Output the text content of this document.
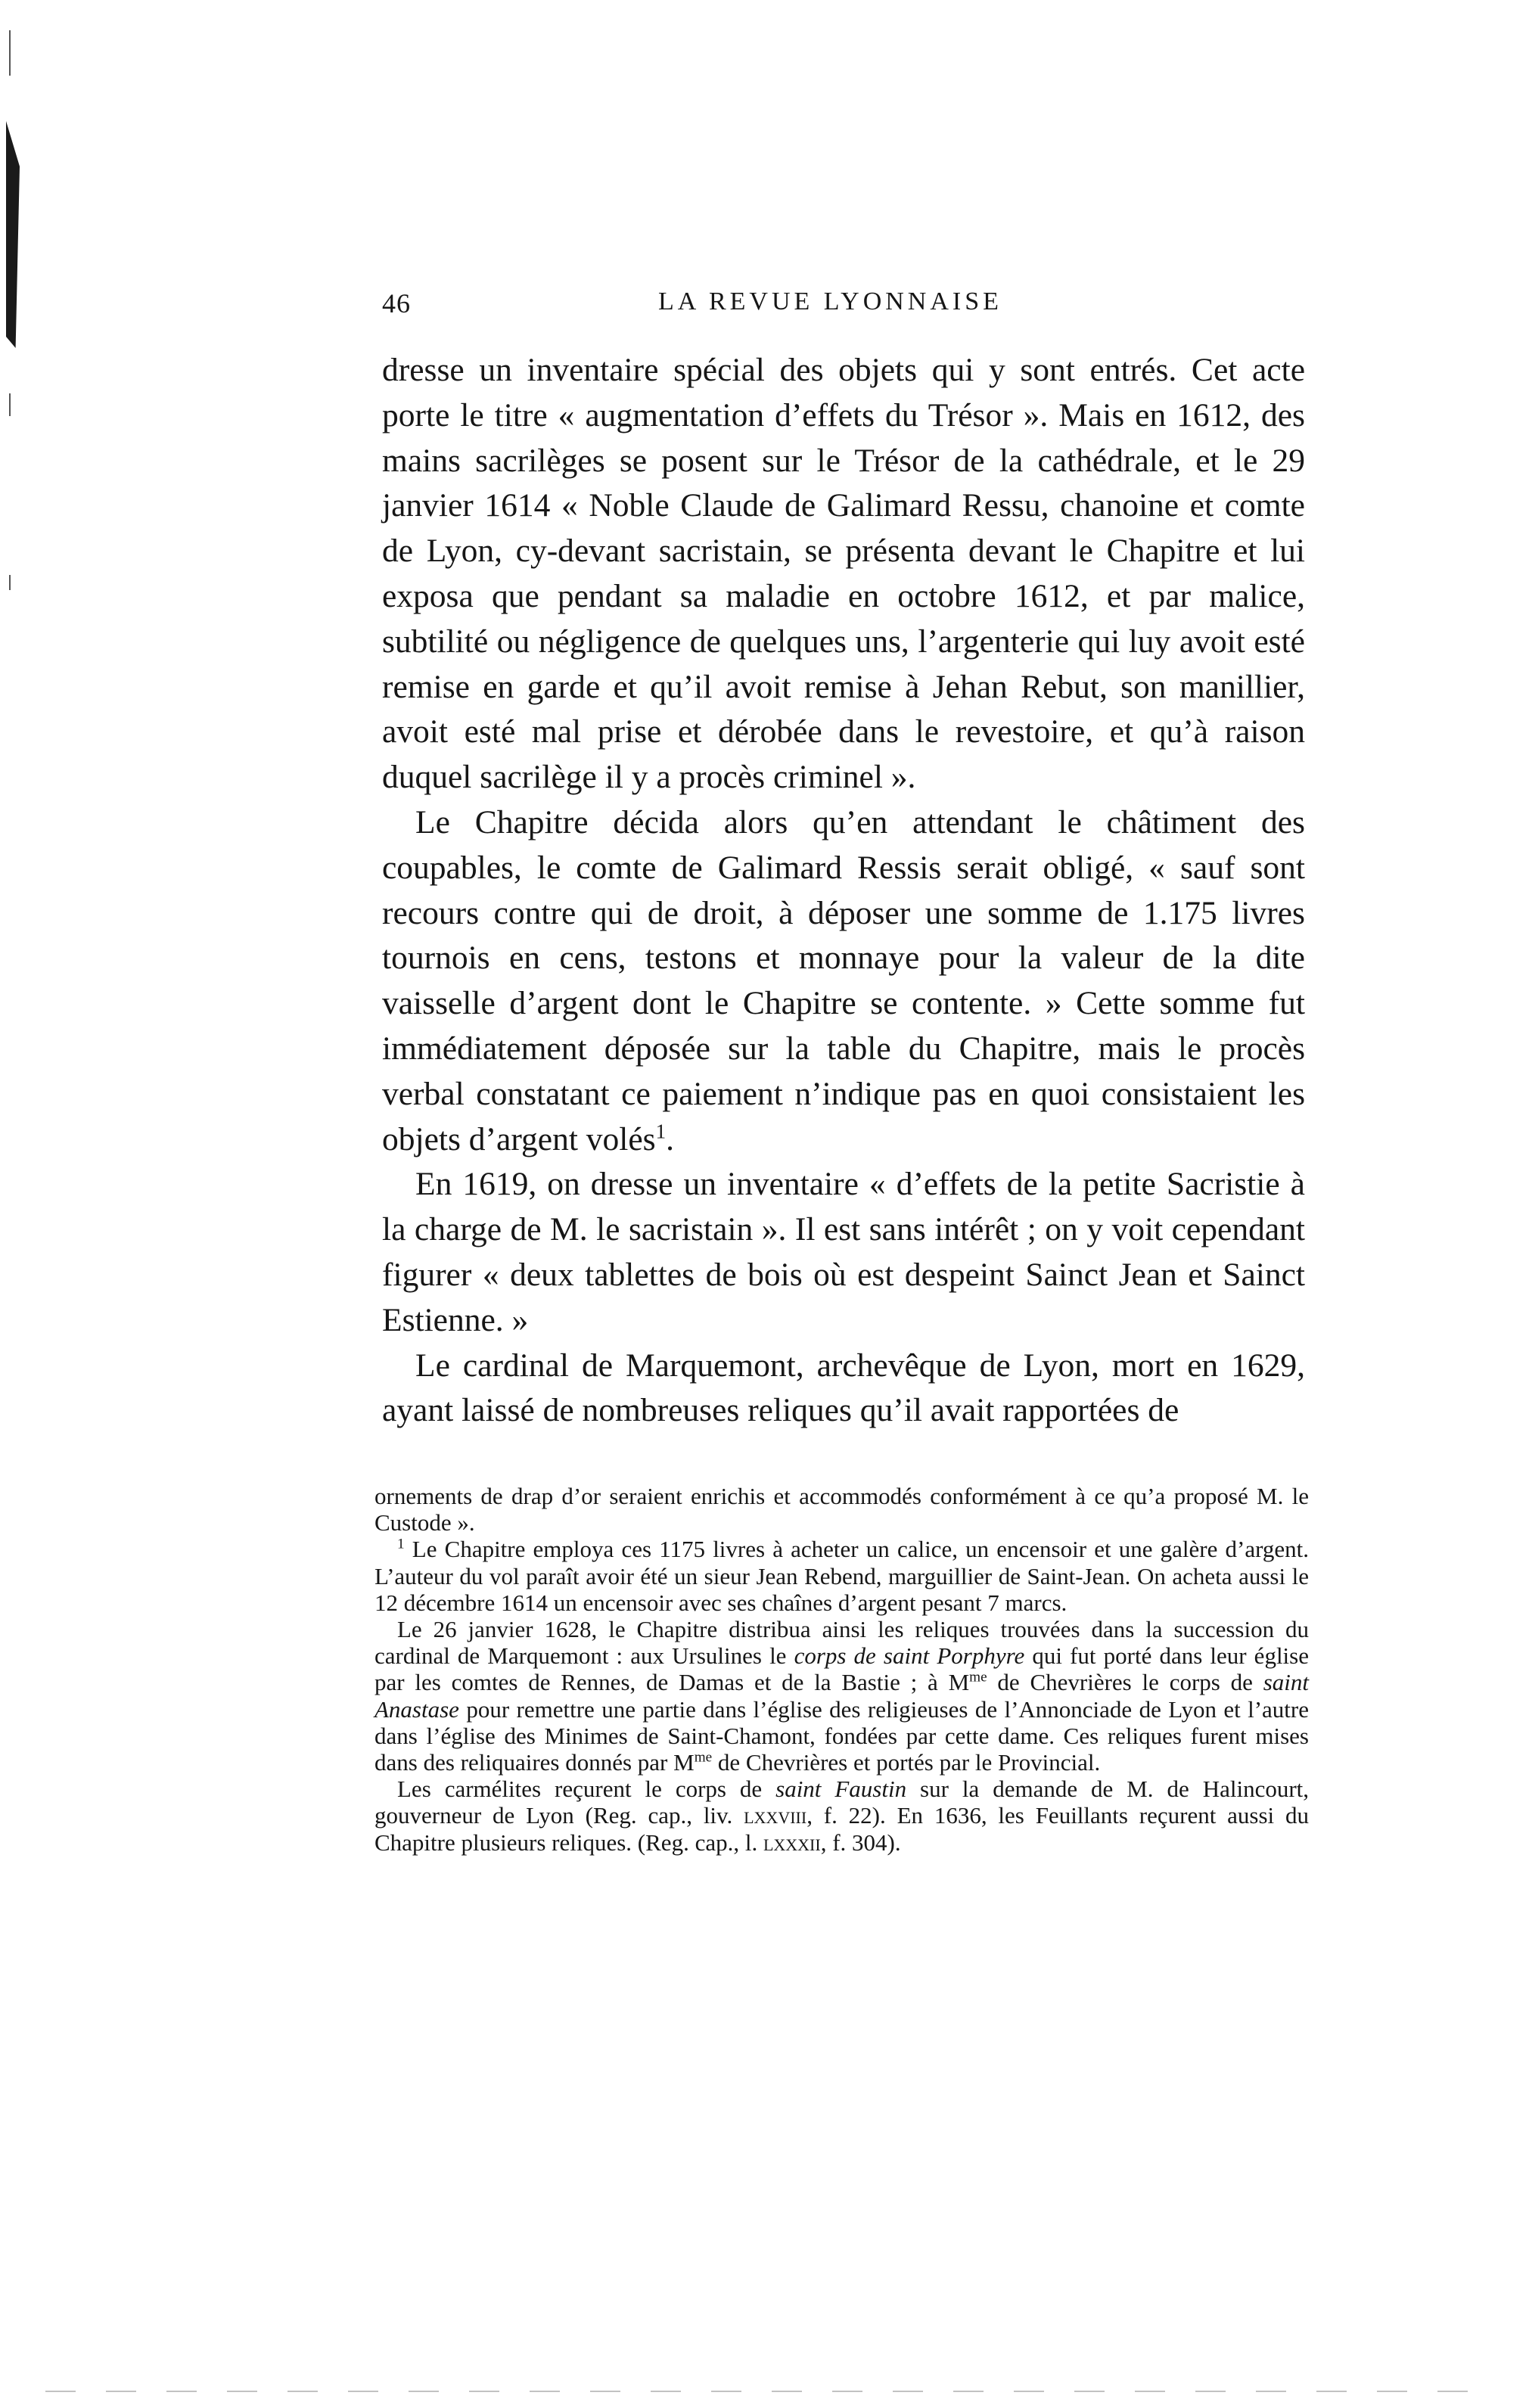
46	LA REVUE LYONNAISE

dresse un inventaire spécial des objets qui y sont entrés. Cet acte porte le titre « augmentation d’effets du Trésor ». Mais en 1612, des mains sacrilèges se posent sur le Trésor de la cathédrale, et le 29 janvier 1614 « Noble Claude de Galimard Ressu, chanoine et comte de Lyon, cy-devant sacristain, se présenta devant le Chapitre et lui exposa que pendant sa maladie en octobre 1612, et par malice, subtilité ou négligence de quelques uns, l’argenterie qui luy avoit esté remise en garde et qu’il avoit remise à Jehan Rebut, son manillier, avoit esté mal prise et dérobée dans le revestoire, et qu’à raison duquel sacrilège il y a procès criminel ».

Le Chapitre décida alors qu’en attendant le châtiment des coupables, le comte de Galimard Ressis serait obligé, « sauf sont recours contre qui de droit, à déposer une somme de 1.175 livres tournois en cens, testons et monnaye pour la valeur de la dite vaisselle d’argent dont le Chapitre se contente. » Cette somme fut immédiatement déposée sur la table du Chapitre, mais le procès verbal constatant ce paiement n’indique pas en quoi consistaient les objets d’argent volés$^1$.

En 1619, on dresse un inventaire « d’effets de la petite Sacristie à la charge de M. le sacristain ». Il est sans intérêt ; on y voit cependant figurer « deux tablettes de bois où est despeint Sainct Jean et Sainct Estienne. »

Le cardinal de Marquemont, archevêque de Lyon, mort en 1629, ayant laissé de nombreuses reliques qu’il avait rapportées de

ornements de drap d’or seraient enrichis et accommodés conformément à ce qu’a proposé M. le Custode ».

$^1$ Le Chapitre employa ces 1175 livres à acheter un calice, un encensoir et une galère d’argent. L’auteur du vol paraît avoir été un sieur Jean Rebend, marguillier de Saint-Jean. On acheta aussi le 12 décembre 1614 un encensoir avec ses chaînes d’argent pesant 7 marcs.

Le 26 janvier 1628, le Chapitre distribua ainsi les reliques trouvées dans la succession du cardinal de Marquemont : aux Ursulines le corps de saint Porphyre qui fut porté dans leur église par les comtes de Rennes, de Damas et de la Bastie ; à $M^{me}$ de Chevrières le corps de saint Anastase pour remettre une partie dans l’église des religieuses de l’Annonciade de Lyon et l’autre dans l’église des Minimes de Saint-Chamont, fondées par cette dame. Ces reliques furent mises dans des reliquaires donnés par $M^{me}$ de Chevrières et portés par le Provincial.

Les carmélites reçurent le corps de saint Faustin sur la demande de M. de Halincourt, gouverneur de Lyon (Reg. cap., liv. lxxviii, f. 22). En 1636, les Feuillants reçurent aussi du Chapitre plusieurs reliques. (Reg. cap., l. lxxxii, f. 304).
